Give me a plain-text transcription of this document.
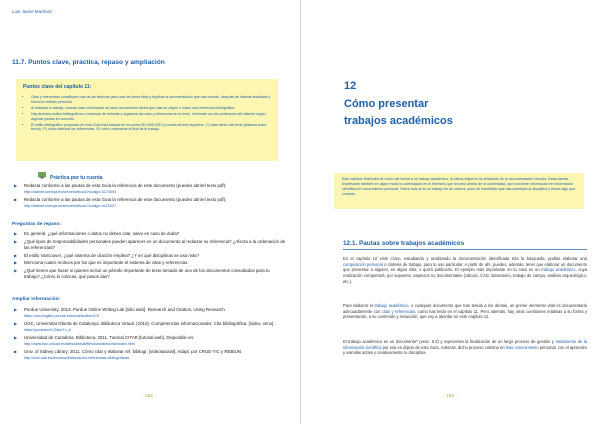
Luis Javier Martínez
11.7. Puntos clave, práctica, repaso y ampliación
Puntos clave del capítulo 11:
• Citas y referencias constituyen una de las técnicas para usar de forma ética y legítima la documentación que has reunido, despuás de haberla analizado y hecho la síntesis personal.
• Al redactar tu trabajo, cuando uses información de otros documentos tienes que citar su origen e incluir una referencia bibliográfica.
• Hay diversos estilos bibliográficos o maneras de redactar y organizar las citas y referencias en tu texto. Infórmate con tus profesores del sistema según algunas pautas en concreto.
• El estilo bibliográfico propuesto en esta Guía está basado en la norma ISO 690:2010 y consta de tres aspectos: 1º) citas dentro del texto (sistema autor-fecha); 2º) cómo elaborar las referencias; 3º) cómo ordenarlas al final de tu trabajo.
Práctica por tu cuenta
▶ Redacta conforme a las pautas de esta Guía la referencia de este documento (puedes abrirel texto pdf): http://dialnet.unirioja.es/servlet/articulo?codigo=3174093
▶ Redacta conforme a las pautas de esta Guía la referencia de este documento (puedes abrirel texto pdf): http://dialnet.unirioja.es/servlet/articulo?codigo=4115337
Preguntas de repaso:
▶ En general, ¿qué informaciones o datos no debes citar, salvo en caso de duda?
▶ ¿Qué tipos de responsabilidades personales pueden aparecer en un documento al redactar su referencia? ¿Afecta a la ordenación de las referencias?
▶ El estilo Vancouver, ¿qué sistema de citación emplea? ¿Y en qué disciplinas se usa más?
▶ Menciona cuatro motivos por los que es importante el sistema de citas y referencias.
▶ ¿Qué tienes que hacer si quieres incluir un párrafo importante de texto tomado de uno de los documentos consultados para tu trabajo? ¿Cómo lo colocas, qué pasos das?
Ampliar información:
▶ Purdue University. 2013. Purdue Online Writing Lab [sitio web]. Research and Citation, Using Research. https://owl.english.purdue.edu/owl/section/2/1/
▶ UOC, Universitat Oberta de Catalunya. Biblioteca Virtual. (2010). Competencias informacionales: Cita bibliográfica. [video, vimo]. https://youtube/eCZdtmTn_A
▶ Universidad de Cantabria. Biblioteca. 2011. Tutorial CITAR [tutorial web]. Disponible en: http://www.buc.unican.es/sites/default/files/tutoriales/citar/index.html
▶ Univ. of Sidney Library. 2011. Cómo citar y elaborar ref. bibliogr. [videotutorial]. Adapt. por CRUE-TIC y REBIUN. http://ocw.uab.es/recursos/elaboracion-referencias-bibliograficas
· 162 ·
12
Cómo presentar
trabajos académicos
Este capítulo final trata de cómo dar forma a un trabajo académico, la última etapa en la utilización de la documentación reunida. Estas tareas expresarán también en algún modo la culminación en el itinerario que recorrió dentro de la universidad, que convierte información en información científica en conocimiento personal. Sobre todo si es un trabajo fin de carrera, pone de manifiesto que has asimilado la disciplina y tienes algo que contarla.
12.1. Pautas sobre trabajos académicos

En el capítulo 10 viste cómo, estudiando y analizando la documentación identificada trás la búsqueda, podías elaborar una composición personal o síntesis de trabajo, para tu uso particular. A partir de ahí, puedes, además, tener que elaborar un documento que presentar a alguien, en algún sitio, o quizá publicarlo. El ejemplo más importante en tu caso es un trabajo académico, cuya realización comportará, por supuesto, aspectos no documentales (cálculo, CAD, laboratorio, trabajo de campo, análisis arqueológico, etc.).

Para elaborar el trabajo académico, o cualquier documento que tras tenida a los demás, un primer elemento vital es documentarlo adecuadamente con citas y referencias, como has leído en el capítulo 11. Pero además, hay otras cuestiones relativas a su forma y presentación, a su contenido y redacción, que voy a abordar en este capítulo 12.

El trabajo académico es un documento* (vesc. 6.3) y representa la finalización de un largo proceso de gestión y tratamiento de la información científica por esa es objeto de esta Guía. Además, dicho proceso culmina en más conocimiento personal, con el aprendes y asimilas activa y creativamente tu disciplina.

· 163 ·
